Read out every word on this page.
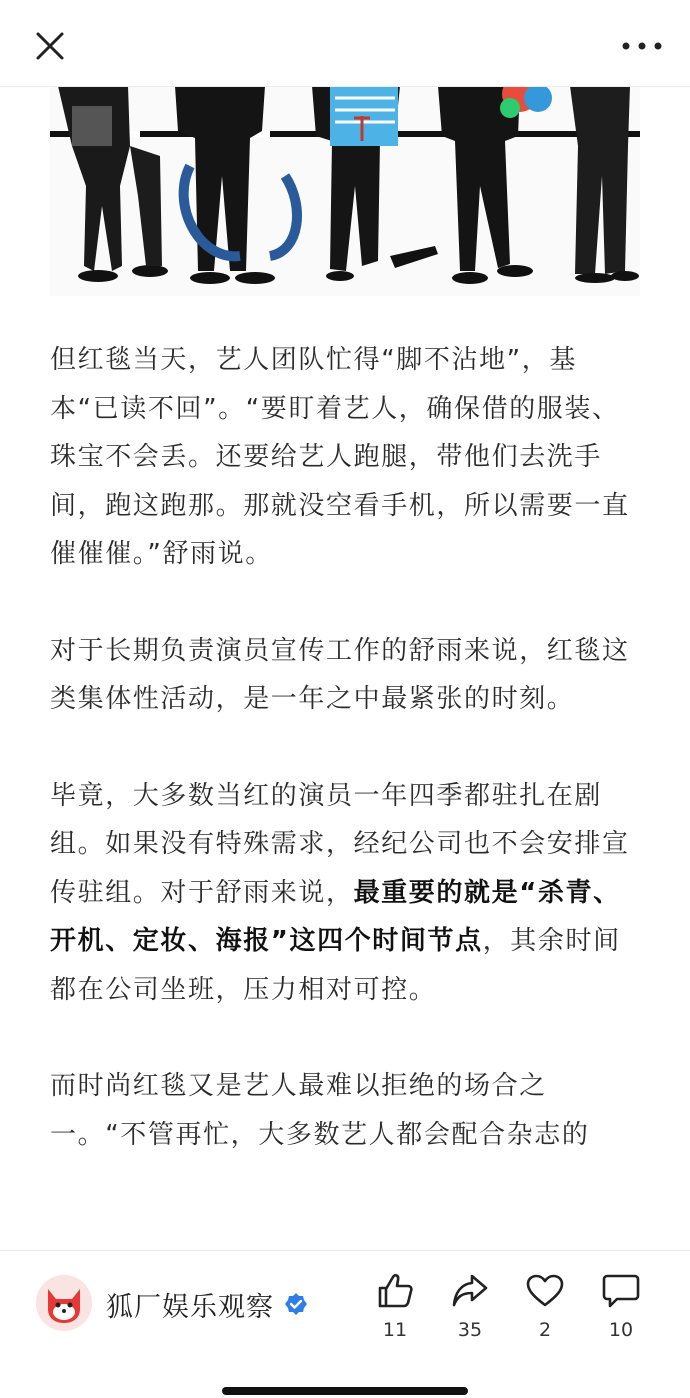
但红毯当天，艺人团队忙得“脚不沾地”，基本“已读不回”。“要盯着艺人，确保借的服装、珠宝不会丢。还要给艺人跑腿，带他们去洗手间，跑这跑那。那就没空看手机，所以需要一直催催催。”舒雨说。

对于长期负责演员宣传工作的舒雨来说，红毯这类集体性活动，是一年之中最紧张的时刻。

毕竟，大多数当红的演员一年四季都驻扎在剧组。如果没有特殊需求，经纪公司也不会安排宣传驻组。对于舒雨来说，最重要的就是“杀青、开机、定妆、海报”这四个时间节点，其余时间都在公司坐班，压力相对可控。

而时尚红毯又是艺人最难以拒绝的场合之一。“不管再忙，大多数艺人都会配合杂志的

狐厂娱乐观察
11	35	2	10
